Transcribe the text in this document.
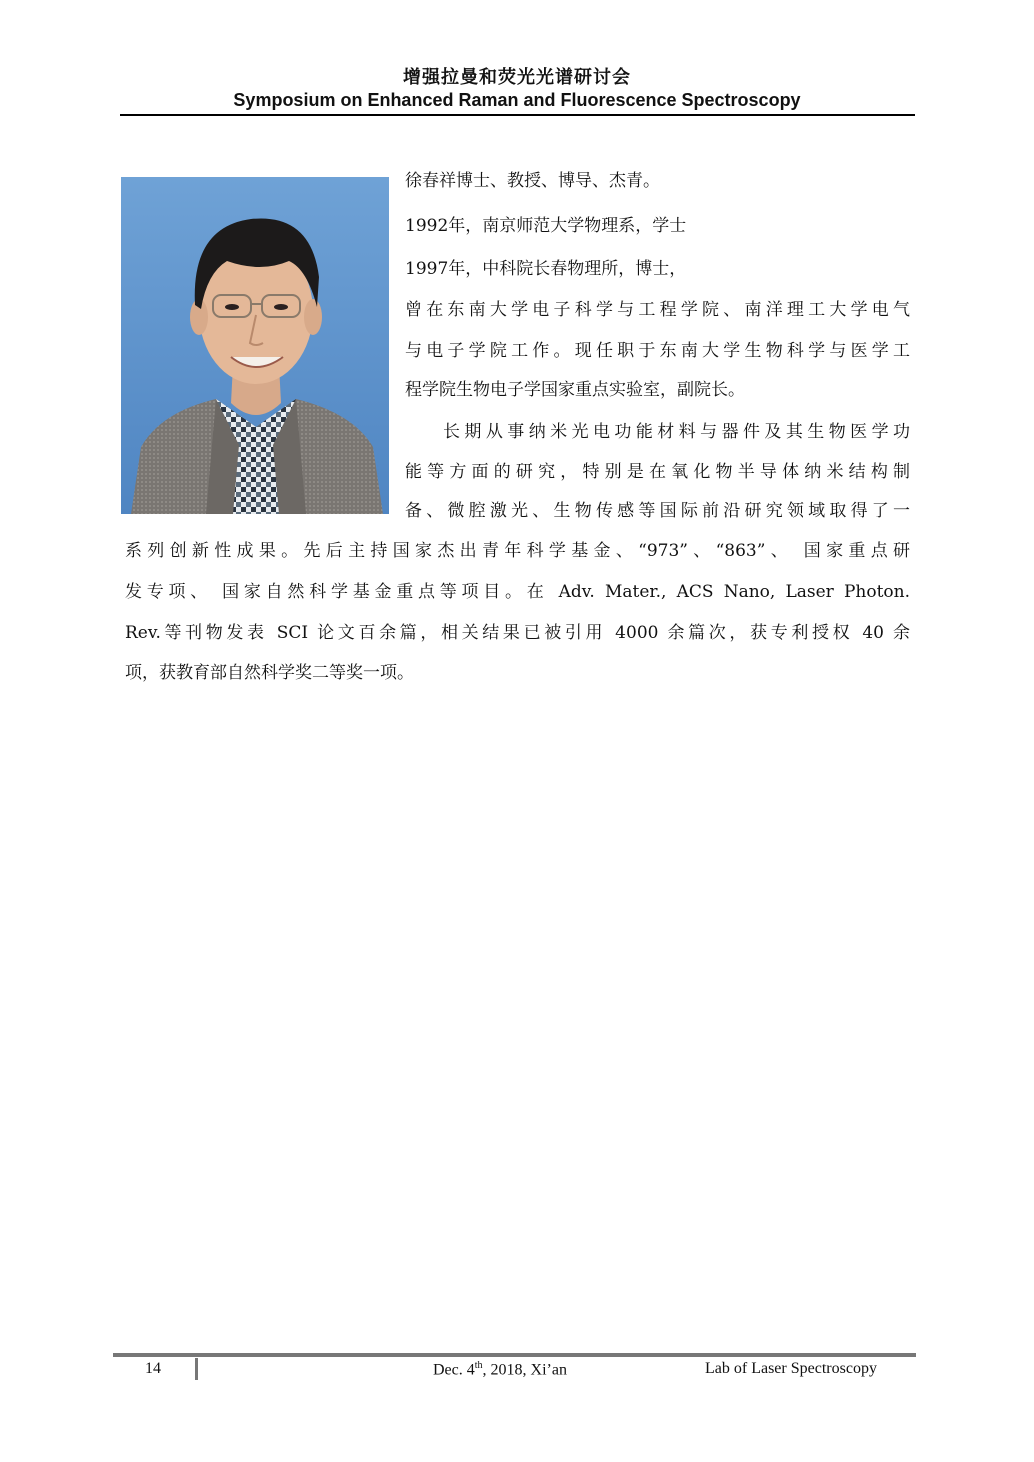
增强拉曼和荧光光谱研讨会
Symposium on Enhanced Raman and Fluorescence Spectroscopy
徐春祥博士、教授、博导、杰青。
1992年，南京师范大学物理系，学士
1997年，中科院长春物理所，博士，
曾在东南大学电子科学与工程学院、南洋理工大学电气
与电子学院工作。现任职于东南大学生物科学与医学工
程学院生物电子学国家重点实验室，副院长。
长期从事纳米光电功能材料与器件及其生物医学功
能等方面的研究，特别是在氧化物半导体纳米结构制
备、微腔激光、生物传感等国际前沿研究领域取得了一
系列创新性成果。先后主持国家杰出青年科学基金、“973”、“863”、 国家重点研
发专项、 国家自然科学基金重点等项目。在 Adv. Mater., ACS Nano, Laser Photon.
Rev.等刊物发表 SCI 论文百余篇，相关结果已被引用 4000 余篇次，获专利授权 40 余
项，获教育部自然科学奖二等奖一项。
14	Dec. 4th, 2018, Xi’an	Lab of Laser Spectroscopy
